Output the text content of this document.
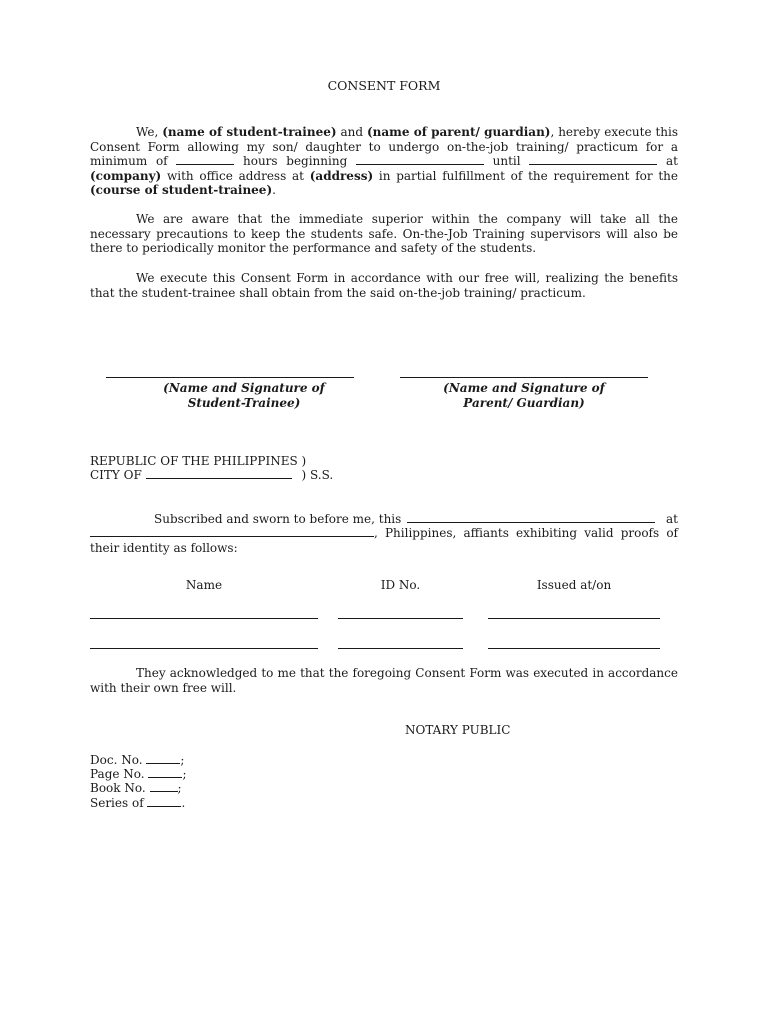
CONSENT FORM
We, (name of student-trainee) and (name of parent/ guardian), hereby execute this Consent Form allowing my son/ daughter to undergo on-the-job training/ practicum for a minimum of	hours beginning	until	at (company) with office address at (address) in partial fulfillment of the requirement for the (course of student-trainee).
We are aware that the immediate superior within the company will take all the necessary precautions to keep the students safe. On-the-Job Training supervisors will also be there to periodically monitor the performance and safety of the students.
We execute this Consent Form in accordance with our free will, realizing the benefits that the student-trainee shall obtain from the said on-the-job training/ practicum.
(Name and Signature of
Student-Trainee)
(Name and Signature of
Parent/ Guardian)
REPUBLIC OF THE PHILIPPINES )
CITY OF	) S.S.
Subscribed and sworn to before me, this	at
, Philippines, affiants exhibiting valid proofs of their identity as follows:
Name	ID No.	Issued at/on
They acknowledged to me that the foregoing Consent Form was executed in accordance with their own free will.
NOTARY PUBLIC
Doc. No.	;
Page No.	;
Book No.	;
Series of	.
